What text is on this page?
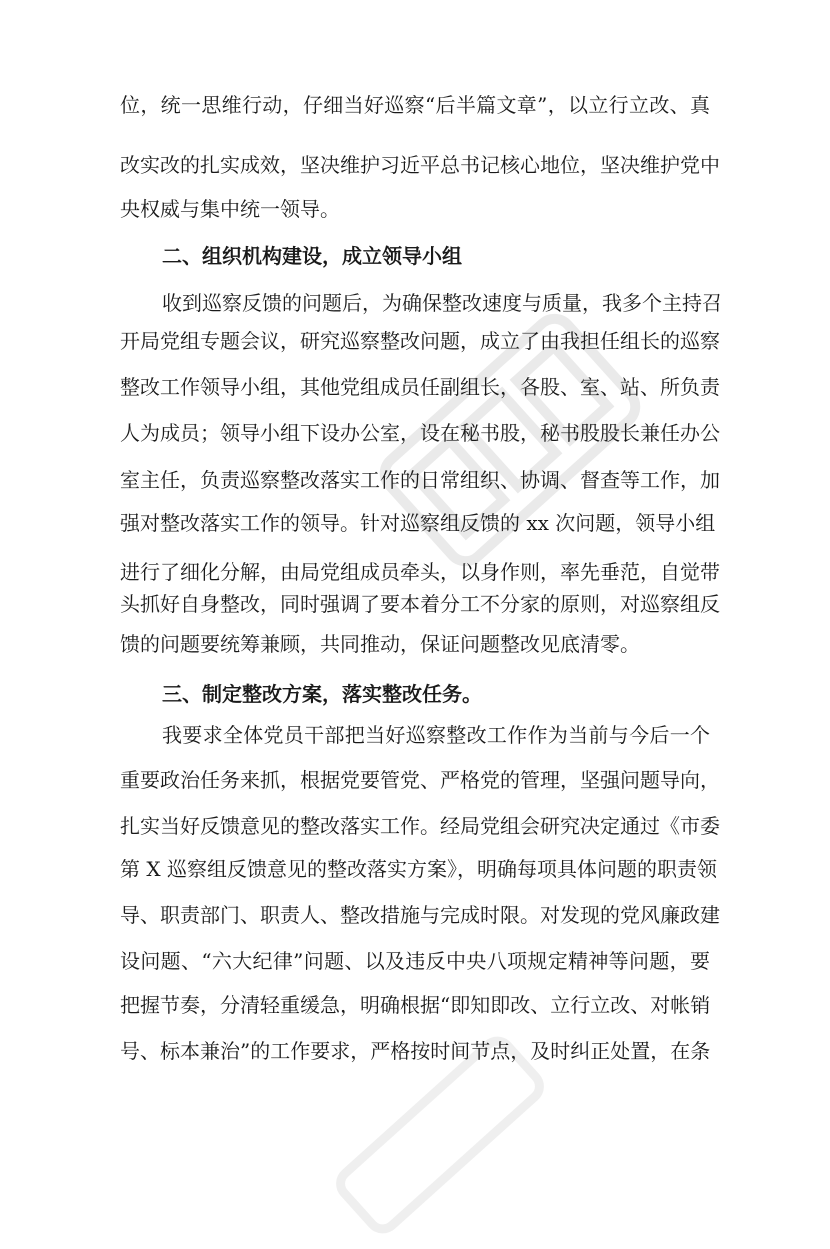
位，统一思维行动，仔细当好巡察“后半篇文章”，以立行立改、真
改实改的扎实成效，坚决维护习近平总书记核心地位，坚决维护党中
央权威与集中统一领导。
二、组织机构建设，成立领导小组
收到巡察反馈的问题后，为确保整改速度与质量，我多个主持召
开局党组专题会议，研究巡察整改问题，成立了由我担任组长的巡察
整改工作领导小组，其他党组成员任副组长，各股、室、站、所负责
人为成员；领导小组下设办公室，设在秘书股，秘书股股长兼任办公
室主任，负责巡察整改落实工作的日常组织、协调、督查等工作，加
强对整改落实工作的领导。针对巡察组反馈的 xx 次问题，领导小组
进行了细化分解，由局党组成员牵头，以身作则，率先垂范，自觉带
头抓好自身整改，同时强调了要本着分工不分家的原则，对巡察组反
馈的问题要统筹兼顾，共同推动，保证问题整改见底清零。
三、制定整改方案，落实整改任务。
我要求全体党员干部把当好巡察整改工作作为当前与今后一个
重要政治任务来抓，根据党要管党、严格党的管理，坚强问题导向，
扎实当好反馈意见的整改落实工作。经局党组会研究决定通过《市委
第 X 巡察组反馈意见的整改落实方案》，明确每项具体问题的职责领
导、职责部门、职责人、整改措施与完成时限。对发现的党风廉政建
设问题、“六大纪律”问题、以及违反中央八项规定精神等问题，要
把握节奏，分清轻重缓急，明确根据“即知即改、立行立改、对帐销
号、标本兼治”的工作要求，严格按时间节点，及时纠正处置，在条
